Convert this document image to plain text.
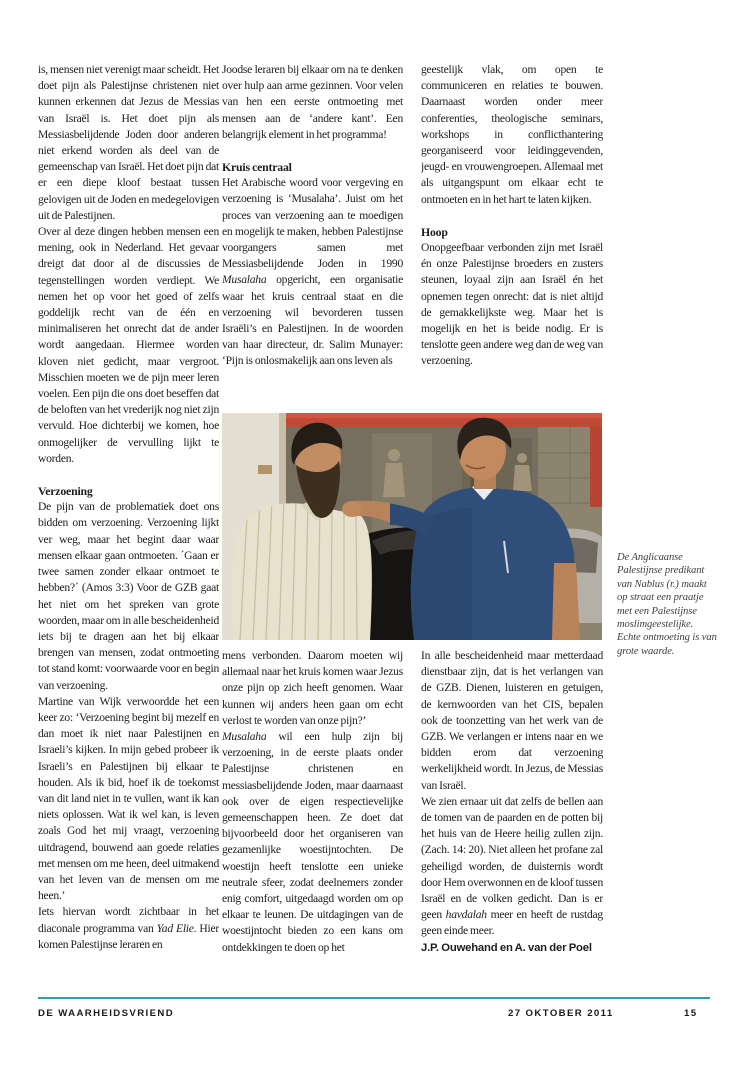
is, mensen niet verenigt maar scheidt. Het doet pijn als Palestijnse christenen niet kunnen erkennen dat Jezus de Messias van Israël is. Het doet pijn als Messiasbelijdende Joden door anderen niet erkend worden als deel van de gemeenschap van Israël. Het doet pijn dat er een diepe kloof bestaat tussen gelovigen uit de Joden en medegelovigen uit de Palestijnen.

Over al deze dingen hebben mensen een mening, ook in Nederland. Het gevaar dreigt dat door al de discussies de tegenstellingen worden verdiept. We nemen het op voor het goed of zelfs goddelijk recht van de één en minimaliseren het onrecht dat de ander wordt aangedaan. Hiermee worden kloven niet gedicht, maar vergroot. Misschien moeten we de pijn meer leren voelen. Een pijn die ons doet beseffen dat de beloften van het vrederijk nog niet zijn vervuld. Hoe dichterbij we komen, hoe onmogelijker de vervulling lijkt te worden.

Verzoening

De pijn van de problematiek doet ons bidden om verzoening. Verzoening lijkt ver weg, maar het begint daar waar mensen elkaar gaan ontmoeten. ´Gaan er twee samen zonder elkaar ontmoet te hebben?´ (Amos 3:3) Voor de GZB gaat het niet om het spreken van grote woorden, maar om in alle bescheidenheid iets bij te dragen aan het bij elkaar brengen van mensen, zodat ontmoeting tot stand komt: voorwaarde voor en begin van verzoening.

Martine van Wijk verwoordde het een keer zo: ‘Verzoening begint bij mezelf en dan moet ik niet naar Palestijnen en Israeli’s kijken. In mijn gebed probeer ik Israeli’s en Palestijnen bij elkaar te houden. Als ik bid, hoef ik de toekomst van dit land niet in te vullen, want ik kan niets oplossen. Wat ik wel kan, is leven zoals God het mij vraagt, verzoening uitdragend, bouwend aan goede relaties met mensen om me heen, deel uitmakend van het leven van de mensen om me heen.’

Iets hiervan wordt zichtbaar in het diaconale programma van Yad Elie. Hier komen Palestijnse leraren en

Joodse leraren bij elkaar om na te denken over hulp aan arme gezinnen. Voor velen van hen een eerste ontmoeting met mensen aan de ‘andere kant’. Een belangrijk element in het programma!

Kruis centraal

Het Arabische woord voor vergeving en verzoening is ‘Musalaha’. Juist om het proces van verzoening aan te moedigen en mogelijk te maken, hebben Palestijnse voorgangers samen met Messiasbelijdende Joden in 1990 Musalaha opgericht, een organisatie waar het kruis centraal staat en die verzoening wil bevorderen tussen Israëli’s en Palestijnen. In de woorden van haar directeur, dr. Salim Munayer: ‘Pijn is onlosmakelijk aan ons leven als

geestelijk vlak, om open te communiceren en relaties te bouwen. Daarnaast worden onder meer conferenties, theologische seminars, workshops in conflicthantering georganiseerd voor leidinggevenden, jeugd- en vrouwengroepen. Allemaal met als uitgangspunt om elkaar echt te ontmoeten en in het hart te laten kijken.

Hoop

Onopgeefbaar verbonden zijn met Israël én onze Palestijnse broeders en zusters steunen, loyaal zijn aan Israël én het opnemen tegen onrecht: dat is niet altijd de gemakkelijkste weg. Maar het is mogelijk en het is beide nodig. Er is tenslotte geen andere weg dan de weg van verzoening.

De Anglicaanse Palestijnse predikant van Nablus (r.) maakt op straat een praatje met een Palestijnse moslimgeestelijke. Echte ontmoeting is van grote waarde.

mens verbonden. Daarom moeten wij allemaal naar het kruis komen waar Jezus onze pijn op zich heeft genomen. Waar kunnen wij anders heen gaan om echt verlost te worden van onze pijn?’

Musalaha wil een hulp zijn bij verzoening, in de eerste plaats onder Palestijnse christenen en messiasbelijdende Joden, maar daarnaast ook over de eigen respectievelijke gemeenschappen heen. Ze doet dat bijvoorbeeld door het organiseren van gezamenlijke woestijntochten. De woestijn heeft tenslotte een unieke neutrale sfeer, zodat deelnemers zonder enig comfort, uitgedaagd worden om op elkaar te leunen. De uitdagingen van de woestijntocht bieden zo een kans om ontdekkingen te doen op het

In alle bescheidenheid maar metterdaad dienstbaar zijn, dat is het verlangen van de GZB. Dienen, luisteren en getuigen, de kernwoorden van het CIS, bepalen ook de toonzetting van het werk van de GZB. We verlangen er intens naar en we bidden erom dat verzoening werkelijkheid wordt. In Jezus, de Messias van Israël.

We zien ernaar uit dat zelfs de bellen aan de tomen van de paarden en de potten bij het huis van de Heere heilig zullen zijn. (Zach. 14: 20). Niet alleen het profane zal geheiligd worden, de duisternis wordt door Hem overwonnen en de kloof tussen Israël en de volken gedicht. Dan is er geen havdalah meer en heeft de rustdag geen einde meer.

J.P. Ouwehand en A. van der Poel

DE WAARHEIDSVRIEND	27 OKTOBER 2011	15
